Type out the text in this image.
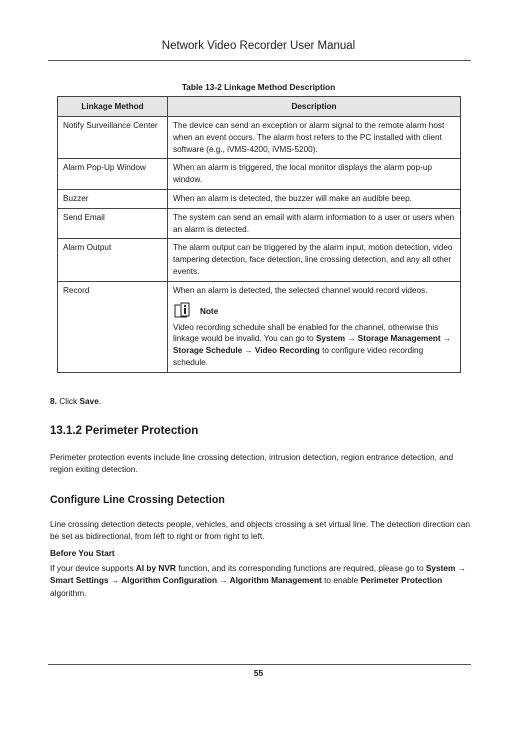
Network Video Recorder User Manual
Table 13-2 Linkage Method Description
Linkage Method	Description
Notify Surveillance Center	The device can send an exception or alarm signal to the remote alarm host when an event occurs. The alarm host refers to the PC installed with client software (e.g., iVMS-4200, iVMS-5200).
Alarm Pop-Up Window	When an alarm is triggered, the local monitor displays the alarm pop-up window.
Buzzer	When an alarm is detected, the buzzer will make an audible beep.
Send Email	The system can send an email with alarm information to a user or users when an alarm is detected.
Alarm Output	The alarm output can be triggered by the alarm input, motion detection, video tampering detection, face detection, line crossing detection, and any all other events.
Record	When an alarm is detected, the selected channel would record videos.
Note
Video recording schedule shall be enabled for the channel, otherwise this linkage would be invalid. You can go to System → Storage Management → Storage Schedule → Video Recording to configure video recording schedule.
8. Click Save.
13.1.2 Perimeter Protection

Perimeter protection events include line crossing detection, intrusion detection, region entrance detection, and region exiting detection.

Configure Line Crossing Detection

Line crossing detection detects people, vehicles, and objects crossing a set virtual line. The detection direction can be set as bidirectional, from left to right or from right to left.

Before You Start

If your device supports AI by NVR function, and its corresponding functions are required, please go to System → Smart Settings → Algorithm Configuration → Algorithm Management to enable Perimeter Protection algorithm.

55
